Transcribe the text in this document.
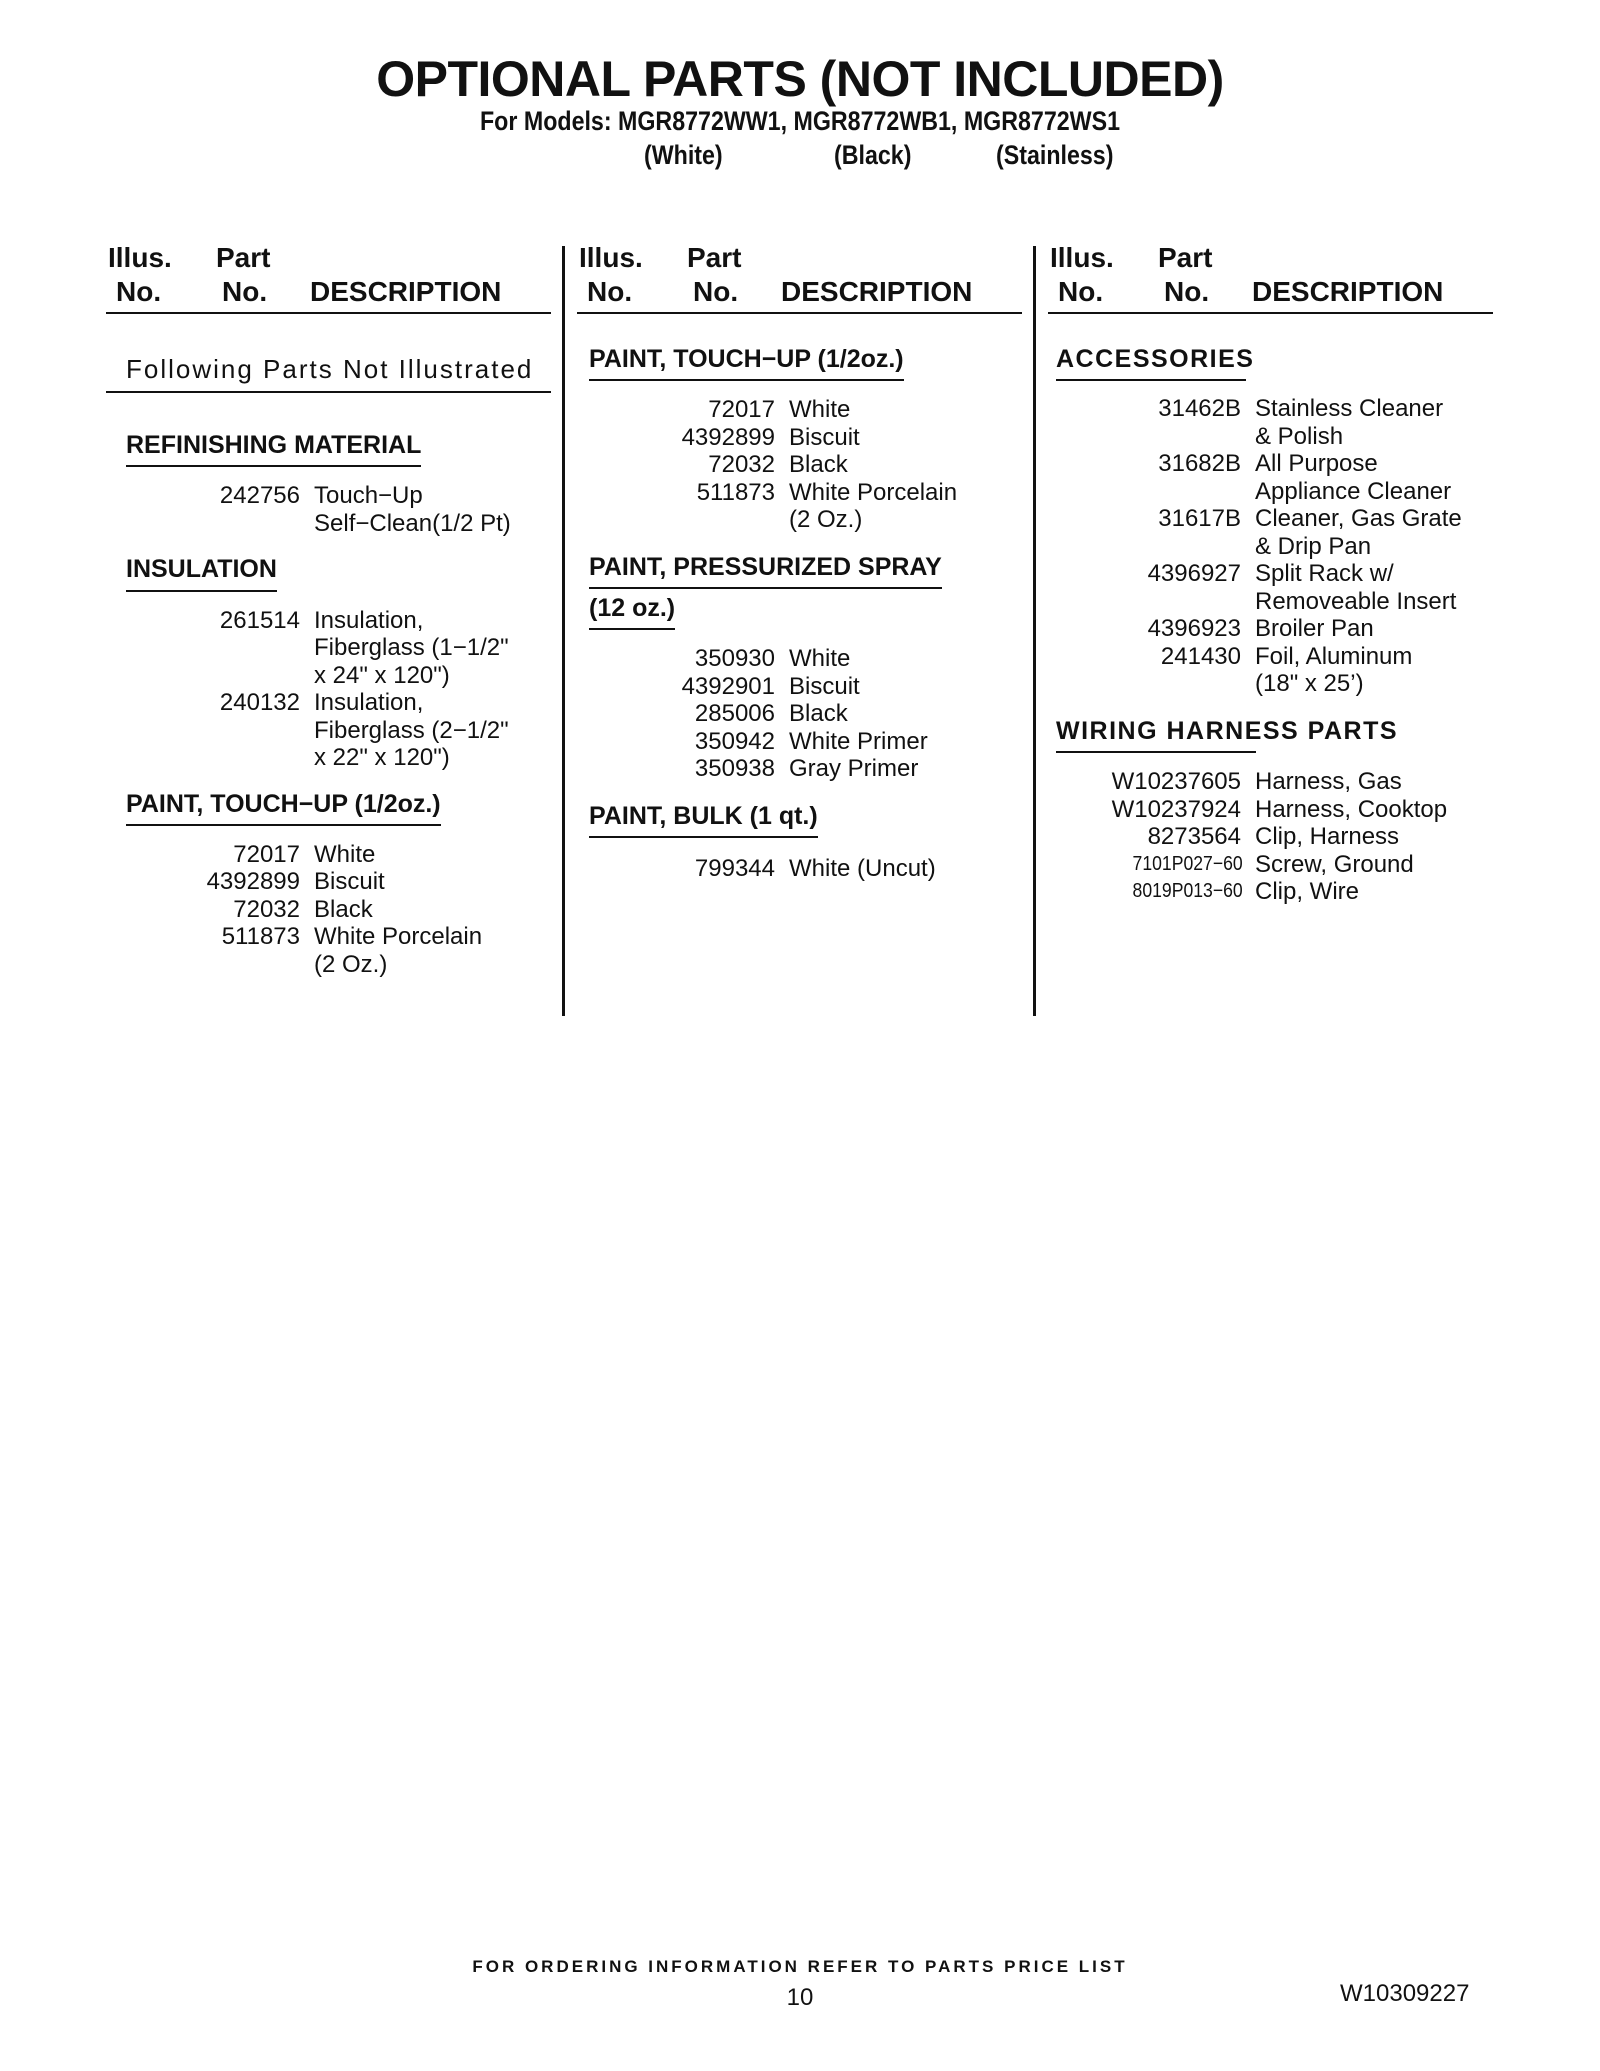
OPTIONAL PARTS (NOT INCLUDED)
For Models: MGR8772WW1, MGR8772WB1, MGR8772WS1
(White)	(Black)	(Stainless)
Illus.
No.
Part
No. DESCRIPTION
Following Parts Not Illustrated
REFINISHING MATERIAL
242756 Touch−Up
Self−Clean(1/2 Pt)
INSULATION
261514 Insulation,
Fiberglass (1−1/2"
x 24" x 120")
240132 Insulation,
Fiberglass (2−1/2"
x 22" x 120")
PAINT, TOUCH−UP (1/2oz.)
72017 White
4392899 Biscuit
72032 Black
511873 White Porcelain
(2 Oz.)
Illus.
No.
Part
No. DESCRIPTION
PAINT, TOUCH−UP (1/2oz.)
72017 White
4392899 Biscuit
72032 Black
511873 White Porcelain
(2 Oz.)
PAINT, PRESSURIZED SPRAY
(12 oz.)
350930 White
4392901 Biscuit
285006 Black
350942 White Primer
350938 Gray Primer
PAINT, BULK (1 qt.)
799344 White (Uncut)
Illus.
No.
Part
No. DESCRIPTION
ACCESSORIES
31462B Stainless Cleaner
& Polish
31682B All Purpose
Appliance Cleaner
31617B Cleaner, Gas Grate
& Drip Pan
4396927 Split Rack w/
Removeable Insert
4396923 Broiler Pan
241430 Foil, Aluminum
(18" x 25’)
WIRING HARNESS PARTS
W10237605 Harness, Gas
W10237924 Harness, Cooktop
8273564 Clip, Harness
7101P027−60 Screw, Ground
8019P013−60 Clip, Wire
FOR ORDERING INFORMATION REFER TO PARTS PRICE LIST
10	W10309227
